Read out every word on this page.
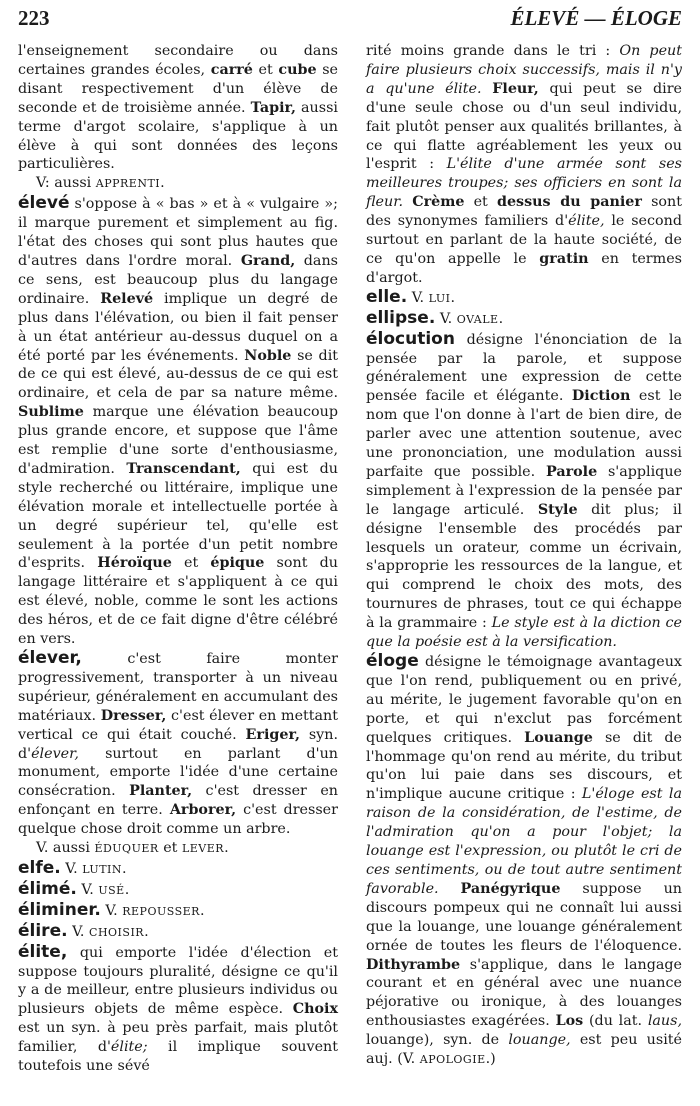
223	ÉLEVÉ — ÉLOGE

l'enseignement secondaire ou dans certaines grandes écoles, carré et cube se disant respectivement d'un élève de seconde et de troisième année. Tapir, aussi terme d'argot scolaire, s'applique à un élève à qui sont données des leçons particulières.

V: aussi APPRENTI.

élevé s'oppose à « bas » et à « vulgaire »; il marque purement et simplement au fig. l'état des choses qui sont plus hautes que d'autres dans l'ordre moral. Grand, dans ce sens, est beaucoup plus du langage ordinaire. Relevé implique un degré de plus dans l'élévation, ou bien il fait penser à un état antérieur au-dessus duquel on a été porté par les événements. Noble se dit de ce qui est élevé, au-dessus de ce qui est ordinaire, et cela de par sa nature même. Sublime marque une élévation beaucoup plus grande encore, et suppose que l'âme est remplie d'une sorte d'enthousiasme, d'admiration. Transcendant, qui est du style recherché ou littéraire, implique une élévation morale et intellectuelle portée à un degré supérieur tel, qu'elle est seulement à la portée d'un petit nombre d'esprits. Héroïque et épique sont du langage littéraire et s'appliquent à ce qui est élevé, noble, comme le sont les actions des héros, et de ce fait digne d'être célébré en vers.

élever, c'est faire monter progressivement, transporter à un niveau supérieur, généralement en accumulant des matériaux. Dresser, c'est élever en mettant vertical ce qui était couché. Eriger, syn. d'élever, surtout en parlant d'un monument, emporte l'idée d'une certaine consécration. Planter, c'est dresser en enfonçant en terre. Arborer, c'est dresser quelque chose droit comme un arbre.

V. aussi ÉDUQUER et LEVER.

elfe. V. LUTIN.

élimé. V. USÉ.

éliminer. V. REPOUSSER.

élire. V. CHOISIR.

élite, qui emporte l'idée d'élection et suppose toujours pluralité, désigne ce qu'il y a de meilleur, entre plusieurs individus ou plusieurs objets de même espèce. Choix est un syn. à peu près parfait, mais plutôt familier, d'élite; il implique souvent toutefois une sévé

rité moins grande dans le tri : On peut faire plusieurs choix successifs, mais il n'y a qu'une élite. Fleur, qui peut se dire d'une seule chose ou d'un seul individu, fait plutôt penser aux qualités brillantes, à ce qui flatte agréablement les yeux ou l'esprit : L'élite d'une armée sont ses meilleures troupes; ses officiers en sont la fleur. Crème et dessus du panier sont des synonymes familiers d'élite, le second surtout en parlant de la haute société, de ce qu'on appelle le gratin en termes d'argot.

elle. V. LUI.

ellipse. V. OVALE.

élocution désigne l'énonciation de la pensée par la parole, et suppose généralement une expression de cette pensée facile et élégante. Diction est le nom que l'on donne à l'art de bien dire, de parler avec une attention soutenue, avec une prononciation, une modulation aussi parfaite que possible. Parole s'applique simplement à l'expression de la pensée par le langage articulé. Style dit plus; il désigne l'ensemble des procédés par lesquels un orateur, comme un écrivain, s'approprie les ressources de la langue, et qui comprend le choix des mots, des tournures de phrases, tout ce qui échappe à la grammaire : Le style est à la diction ce que la poésie est à la versification.

éloge désigne le témoignage avantageux que l'on rend, publiquement ou en privé, au mérite, le jugement favorable qu'on en porte, et qui n'exclut pas forcément quelques critiques. Louange se dit de l'hommage qu'on rend au mérite, du tribut qu'on lui paie dans ses discours, et n'implique aucune critique : L'éloge est la raison de la considération, de l'estime, de l'admiration qu'on a pour l'objet; la louange est l'expression, ou plutôt le cri de ces sentiments, ou de tout autre sentiment favorable. Panégyrique suppose un discours pompeux qui ne connaît lui aussi que la louange, une louange généralement ornée de toutes les fleurs de l'éloquence. Dithyrambe s'applique, dans le langage courant et en général avec une nuance péjorative ou ironique, à des louanges enthousiastes exagérées. Los (du lat. laus, louange), syn. de louange, est peu usité auj. (V. APOLOGIE.)
